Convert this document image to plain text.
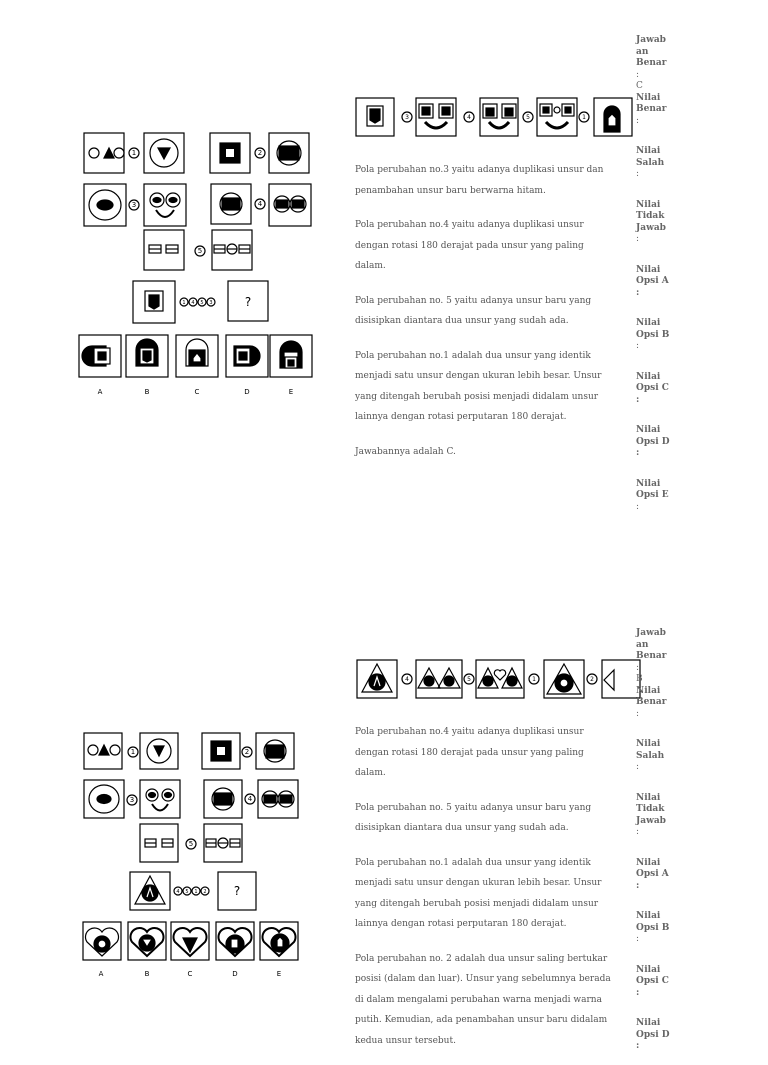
1	2
3	4
5
1 4 5 3	?
A	B	C	D	E
3	4	5	1

Pola perubahan no.3 yaitu adanya duplikasi unsur dan penambahan unsur baru berwarna hitam.

Pola perubahan no.4 yaitu adanya duplikasi unsur dengan rotasi 180 derajat pada unsur yang paling dalam.

Pola perubahan no. 5 yaitu adanya unsur baru yang disisipkan diantara dua unsur yang sudah ada.

Pola perubahan no.1 adalah dua unsur yang identik menjadi satu unsur dengan ukuran lebih besar. Unsur yang ditengah berubah posisi menjadi didalam unsur lainnya dengan rotasi perputaran 180 derajat.

Jawabannya adalah C.

Jawab an Benar
:
C
Nilai Benar
:
Nilai Salah
:
Nilai Tidak Jawab
:
Nilai Opsi A :
Nilai Opsi B
:
Nilai Opsi C :
Nilai Opsi D :
Nilai Opsi E
:
1	2
3	4
5
4 5 1 2 ?
A	B	C	D	E
4	5	1	2

Pola perubahan no.4 yaitu adanya duplikasi unsur dengan rotasi 180 derajat pada unsur yang paling dalam.

Pola perubahan no. 5 yaitu adanya unsur baru yang disisipkan diantara dua unsur yang sudah ada.

Pola perubahan no.1 adalah dua unsur yang identik menjadi satu unsur dengan ukuran lebih besar. Unsur yang ditengah berubah posisi menjadi didalam unsur lainnya dengan rotasi perputaran 180 derajat.

Pola perubahan no. 2 adalah dua unsur saling bertukar posisi (dalam dan luar). Unsur yang sebelumnya berada di dalam mengalami perubahan warna menjadi warna putih. Kemudian, ada penambahan unsur baru didalam kedua unsur tersebut.

Jawab an Benar
:
B
Nilai Benar
:
Nilai Salah
:
Nilai Tidak Jawab
:
Nilai Opsi A :
Nilai Opsi B
:
Nilai Opsi C :
Nilai Opsi D :
